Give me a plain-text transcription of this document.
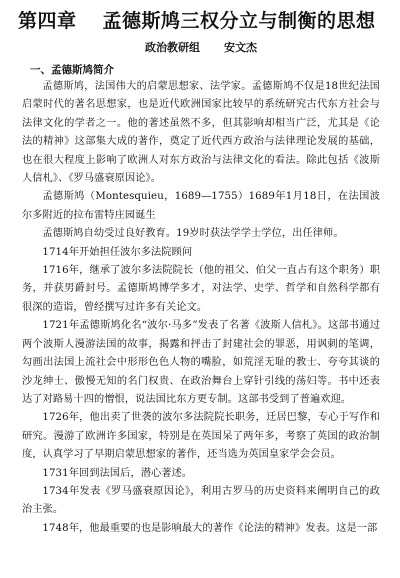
第四章 孟德斯鸠三权分立与制衡的思想
政治教研组 安文杰
一、孟德斯鸠简介

孟德斯鸠，法国伟大的启蒙思想家、法学家。孟德斯鸠不仅是18世纪法国启蒙时代的著名思想家，也是近代欧洲国家比较早的系统研究古代东方社会与法律文化的学者之一。他的著述虽然不多，但其影响却相当广泛，尤其是《论法的精神》这部集大成的著作，奠定了近代西方政治与法律理论发展的基础，也在很大程度上影响了欧洲人对东方政治与法律文化的看法。除此包括《波斯人信札》、《罗马盛衰原因论》。

孟德斯鸠（Montesquieu，1689—1755）1689年1月18日，在法国波尔多附近的拉布雷特庄园诞生

孟德斯鸠自幼受过良好教育。19岁时获法学学士学位，出任律师。

1714年开始担任波尔多法院顾问

1716年，继承了波尔多法院院长（他的祖父、伯父一直占有这个职务）职务，并获男爵封号。孟德斯鸠博学多才，对法学、史学、哲学和自然科学都有很深的造诣，曾经撰写过许多有关论文。

1721年孟德斯鸠化名“波尔·马多”发表了名著《波斯人信札》。这部书通过两个波斯人漫游法国的故事，揭露和抨击了封建社会的罪恶，用讽刺的笔调，勾画出法国上流社会中形形色色人物的嘴脸，如荒淫无耻的教士、夸夸其谈的沙龙绅士、傲慢无知的名门权贵、在政治舞台上穿针引线的荡妇等。书中还表达了对路易十四的憎恨，说法国比东方更专制。这部书受到了普遍欢迎。

1726年，他出卖了世袭的波尔多法院院长职务，迁居巴黎，专心于写作和研究。漫游了欧洲许多国家，特别是在英国呆了两年多，考察了英国的政治制度，认真学习了早期启蒙思想家的著作，还当选为英国皇家学会会员。

1731年回到法国后，潜心著述。

1734年发表《罗马盛衰原因论》，利用古罗马的历史资料来阐明自己的政治主张。

1748年，他最重要的也是影响最大的著作《论法的精神》发表。这是一部
